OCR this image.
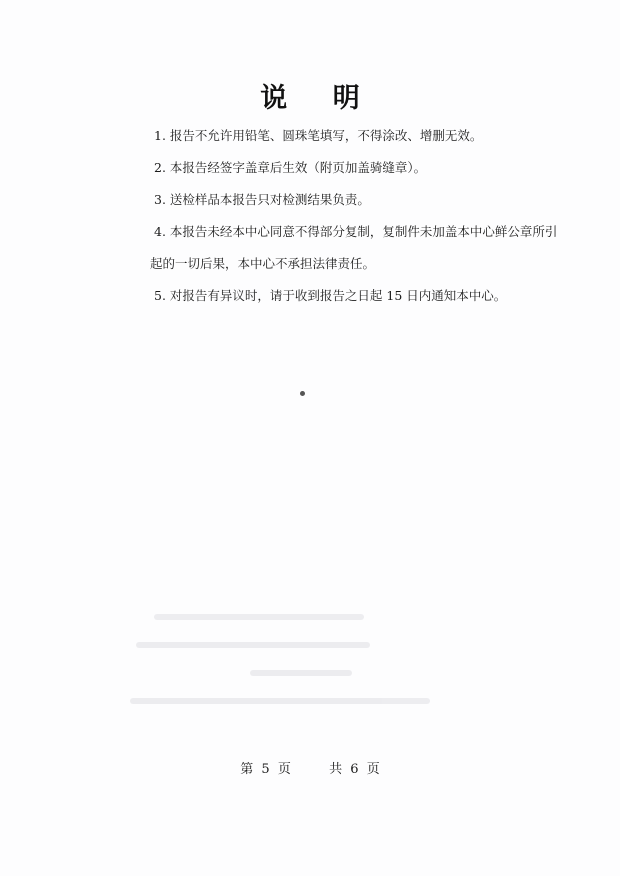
说 明
1. 报告不允许用铅笔、圆珠笔填写，不得涂改、增删无效。
2. 本报告经签字盖章后生效（附页加盖骑缝章）。
3. 送检样品本报告只对检测结果负责。
4. 本报告未经本中心同意不得部分复制，复制件未加盖本中心鲜公章所引
起的一切后果，本中心不承担法律责任。
5. 对报告有异议时，请于收到报告之日起 15 日内通知本中心。
第 5 页	共 6 页
